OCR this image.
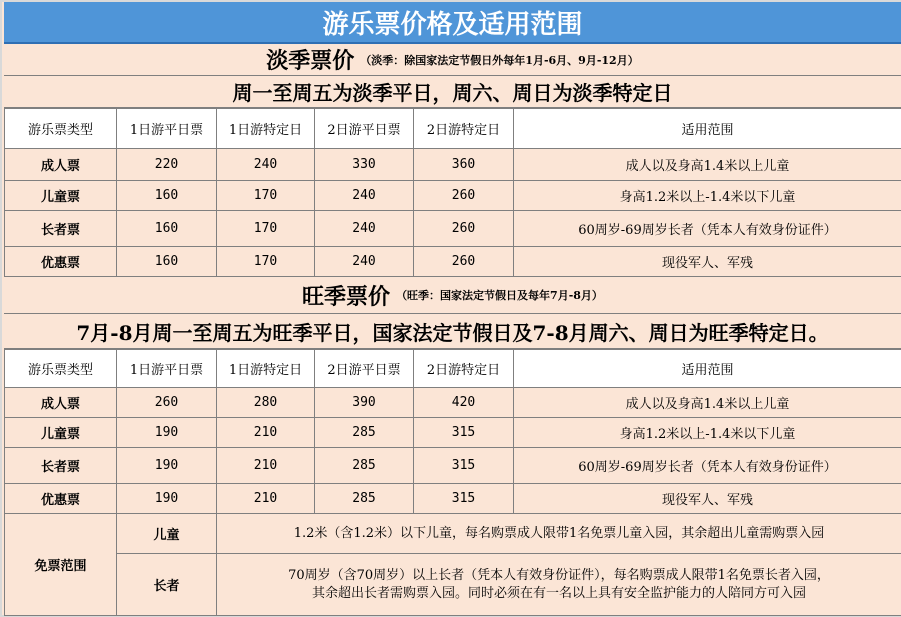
游乐票价格及适用范围
淡季票价 （淡季：除国家法定节假日外每年1月-6月、9月-12月）
周一至周五为淡季平日，周六、周日为淡季特定日
游乐票类型	1日游平日票	1日游特定日	2日游平日票	2日游特定日	适用范围
成人票	220	240	330	360	成人以及身高1.4米以上儿童
儿童票	160	170	240	260	身高1.2米以上-1.4米以下儿童
长者票	160	170	240	260	60周岁-69周岁长者（凭本人有效身份证件）
优惠票	160	170	240	260	现役军人、军残
旺季票价 （旺季：国家法定节假日及每年7月-8月）
7月-8月周一至周五为旺季平日，国家法定节假日及7-8月周六、周日为旺季特定日。
游乐票类型	1日游平日票	1日游特定日	2日游平日票	2日游特定日	适用范围
成人票	260	280	390	420	成人以及身高1.4米以上儿童
儿童票	190	210	285	315	身高1.2米以上-1.4米以下儿童
长者票	190	210	285	315	60周岁-69周岁长者（凭本人有效身份证件）
优惠票	190	210	285	315	现役军人、军残
免票范围	儿童	1.2米（含1.2米）以下儿童，每名购票成人限带1名免票儿童入园，其余超出儿童需购票入园
	长者	70周岁（含70周岁）以上长者（凭本人有效身份证件），每名购票成人限带1名免票长者入园，
其余超出长者需购票入园。同时必须在有一名以上具有安全监护能力的人陪同方可入园
